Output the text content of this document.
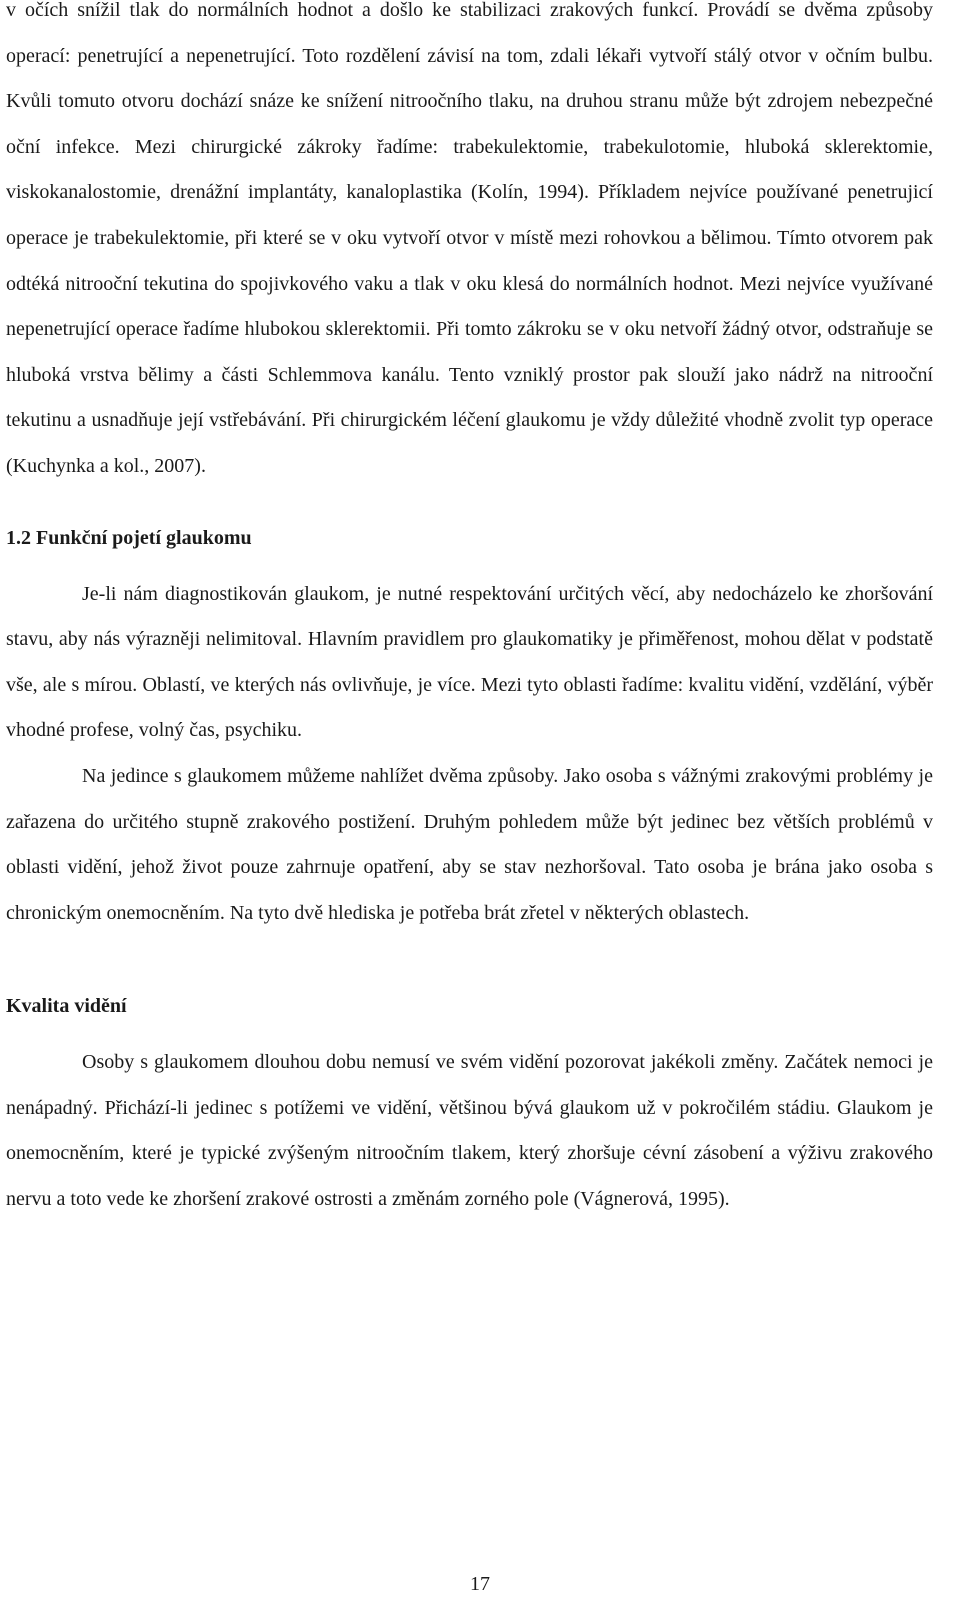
v očích snížil tlak do normálních hodnot a došlo ke stabilizaci zrakových funkcí. Provádí se dvěma způsoby operací: penetrující a nepenetrující. Toto rozdělení závisí na tom, zdali lékaři vytvoří stálý otvor v očním bulbu. Kvůli tomuto otvoru dochází snáze ke snížení nitroočního tlaku, na druhou stranu může být zdrojem nebezpečné oční infekce. Mezi chirurgické zákroky řadíme: trabekulektomie, trabekulotomie, hluboká sklerektomie, viskokanalostomie, drenážní implantáty, kanaloplastika (Kolín, 1994). Příkladem nejvíce používané penetrujicí operace je trabekulektomie, při které se v oku vytvoří otvor v místě mezi rohovkou a bělimou. Tímto otvorem pak odtéká nitrooční tekutina do spojivkového vaku a tlak v oku klesá do normálních hodnot. Mezi nejvíce využívané nepenetrující operace řadíme hlubokou sklerektomii. Při tomto zákroku se v oku netvoří žádný otvor, odstraňuje se hluboká vrstva bělimy a části Schlemmova kanálu. Tento vzniklý prostor pak slouží jako nádrž na nitrooční tekutinu a usnadňuje její vstřebávání. Při chirurgickém léčení glaukomu je vždy důležité vhodně zvolit typ operace (Kuchynka a kol., 2007).

1.2 Funkční pojetí glaukomu

Je-li nám diagnostikován glaukom, je nutné respektování určitých věcí, aby nedocházelo ke zhoršování stavu, aby nás výrazněji nelimitoval. Hlavním pravidlem pro glaukomatiky je přiměřenost, mohou dělat v podstatě vše, ale s mírou. Oblastí, ve kterých nás ovlivňuje, je více. Mezi tyto oblasti řadíme: kvalitu vidění, vzdělání, výběr vhodné profese, volný čas, psychiku.

Na jedince s glaukomem můžeme nahlížet dvěma způsoby. Jako osoba s vážnými zrakovými problémy je zařazena do určitého stupně zrakového postižení. Druhým pohledem může být jedinec bez větších problémů v oblasti vidění, jehož život pouze zahrnuje opatření, aby se stav nezhoršoval. Tato osoba je brána jako osoba s chronickým onemocněním. Na tyto dvě hlediska je potřeba brát zřetel v některých oblastech.

Kvalita vidění

Osoby s glaukomem dlouhou dobu nemusí ve svém vidění pozorovat jakékoli změny. Začátek nemoci je nenápadný. Přichází-li jedinec s potížemi ve vidění, většinou bývá glaukom už v pokročilém stádiu. Glaukom je onemocněním, které je typické zvýšeným nitroočním tlakem, který zhoršuje cévní zásobení a výživu zrakového nervu a toto vede ke zhoršení zrakové ostrosti a změnám zorného pole (Vágnerová, 1995).

17
